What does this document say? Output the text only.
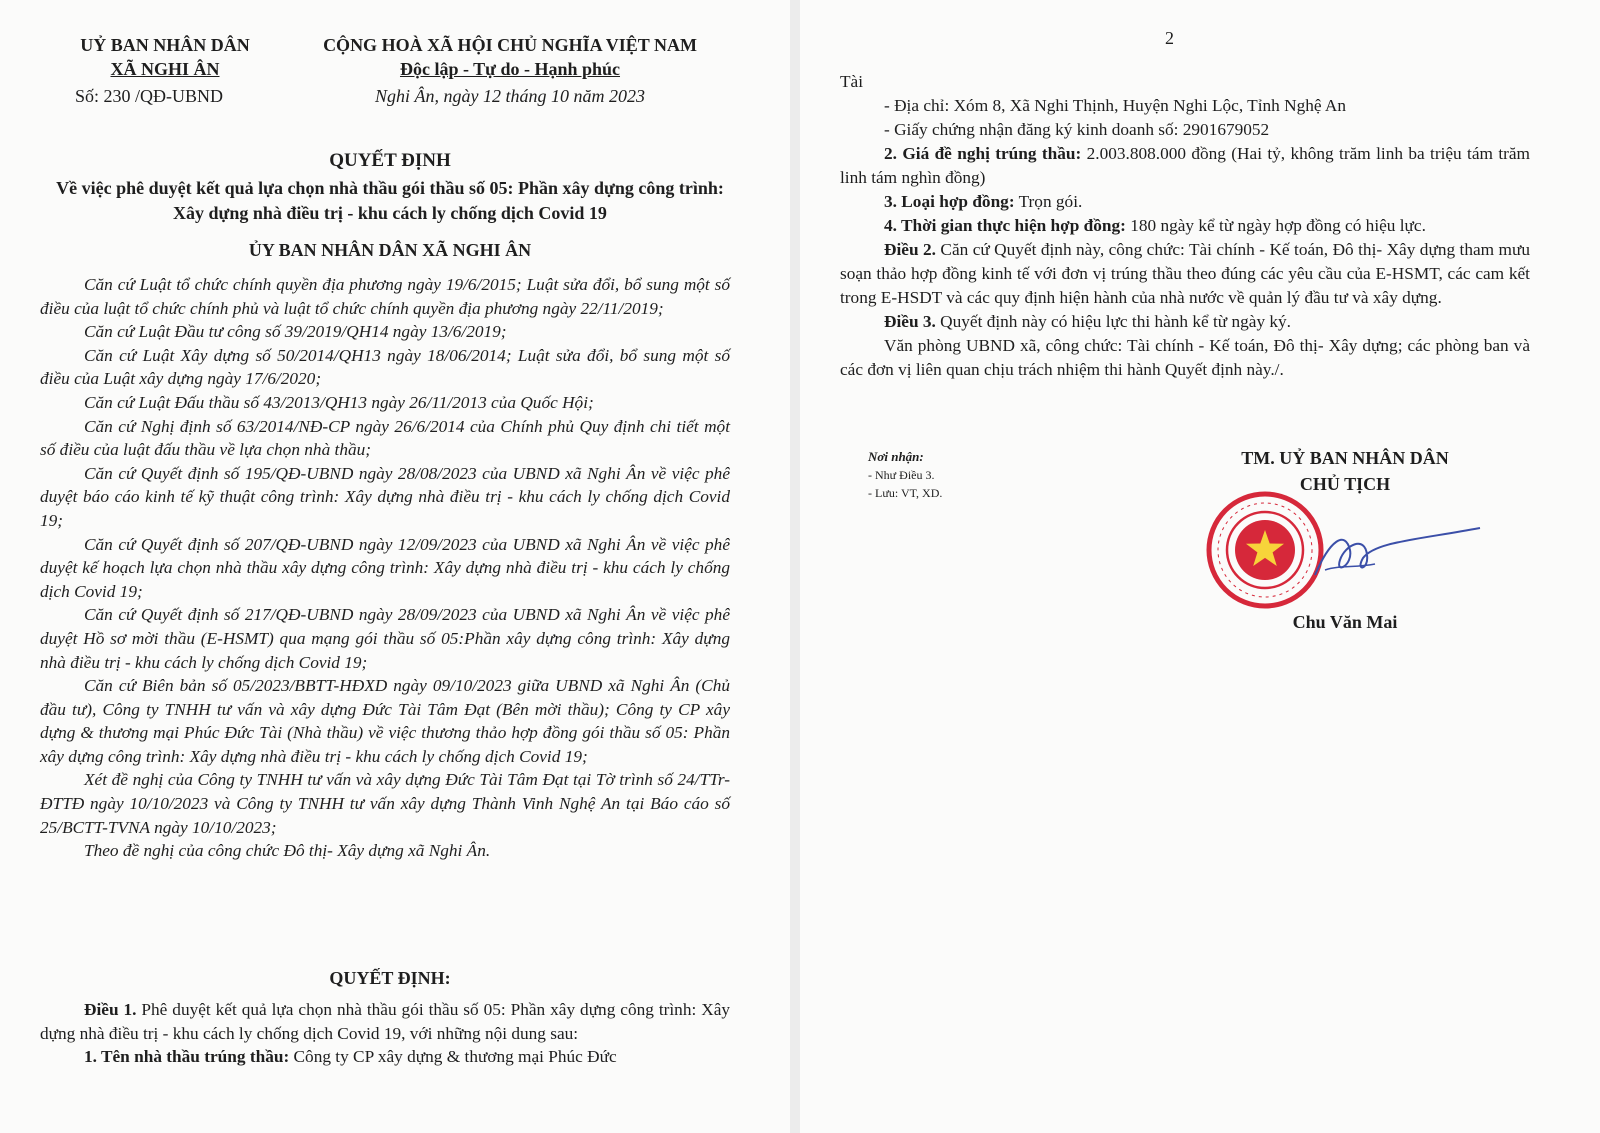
UỶ BAN NHÂN DÂN
XÃ NGHI ÂN
CỘNG HOÀ XÃ HỘI CHỦ NGHĨA VIỆT NAM
Độc lập - Tự do - Hạnh phúc
Số: 230 /QĐ-UBND	Nghi Ân, ngày 12 tháng 10 năm 2023
QUYẾT ĐỊNH
Về việc phê duyệt kết quả lựa chọn nhà thầu gói thầu số 05: Phần xây dựng công trình: Xây dựng nhà điều trị - khu cách ly chống dịch Covid 19
ỦY BAN NHÂN DÂN XÃ NGHI ÂN

Căn cứ Luật tổ chức chính quyền địa phương ngày 19/6/2015; Luật sửa đổi, bổ sung một số điều của luật tổ chức chính phủ và luật tổ chức chính quyền địa phương ngày 22/11/2019;

Căn cứ Luật Đầu tư công số 39/2019/QH14 ngày 13/6/2019;

Căn cứ Luật Xây dựng số 50/2014/QH13 ngày 18/06/2014; Luật sửa đổi, bổ sung một số điều của Luật xây dựng ngày 17/6/2020;

Căn cứ Luật Đấu thầu số 43/2013/QH13 ngày 26/11/2013 của Quốc Hội;

Căn cứ Nghị định số 63/2014/NĐ-CP ngày 26/6/2014 của Chính phủ Quy định chi tiết một số điều của luật đấu thầu về lựa chọn nhà thầu;

Căn cứ Quyết định số 195/QĐ-UBND ngày 28/08/2023 của UBND xã Nghi Ân về việc phê duyệt báo cáo kinh tế kỹ thuật công trình: Xây dựng nhà điều trị - khu cách ly chống dịch Covid 19;

Căn cứ Quyết định số 207/QĐ-UBND ngày 12/09/2023 của UBND xã Nghi Ân về việc phê duyệt kế hoạch lựa chọn nhà thầu xây dựng công trình: Xây dựng nhà điều trị - khu cách ly chống dịch Covid 19;

Căn cứ Quyết định số 217/QĐ-UBND ngày 28/09/2023 của UBND xã Nghi Ân về việc phê duyệt Hồ sơ mời thầu (E-HSMT) qua mạng gói thầu số 05:Phần xây dựng công trình: Xây dựng nhà điều trị - khu cách ly chống dịch Covid 19;

Căn cứ Biên bản số 05/2023/BBTT-HĐXD ngày 09/10/2023 giữa UBND xã Nghi Ân (Chủ đầu tư), Công ty TNHH tư vấn và xây dựng Đức Tài Tâm Đạt (Bên mời thầu); Công ty CP xây dựng & thương mại Phúc Đức Tài (Nhà thầu) về việc thương thảo hợp đồng gói thầu số 05: Phần xây dựng công trình: Xây dựng nhà điều trị - khu cách ly chống dịch Covid 19;

Xét đề nghị của Công ty TNHH tư vấn và xây dựng Đức Tài Tâm Đạt tại Tờ trình số 24/TTr-ĐTTĐ ngày 10/10/2023 và Công ty TNHH tư vấn xây dựng Thành Vinh Nghệ An tại Báo cáo số 25/BCTT-TVNA ngày 10/10/2023;

Theo đề nghị của công chức Đô thị- Xây dựng xã Nghi Ân.

QUYẾT ĐỊNH:

Điều 1. Phê duyệt kết quả lựa chọn nhà thầu gói thầu số 05: Phần xây dựng công trình: Xây dựng nhà điều trị - khu cách ly chống dịch Covid 19, với những nội dung sau:

1. Tên nhà thầu trúng thầu: Công ty CP xây dựng & thương mại Phúc Đức

2

Tài

- Địa chỉ: Xóm 8, Xã Nghi Thịnh, Huyện Nghi Lộc, Tỉnh Nghệ An

- Giấy chứng nhận đăng ký kinh doanh số: 2901679052

2. Giá đề nghị trúng thầu: 2.003.808.000 đồng (Hai tỷ, không trăm linh ba triệu tám trăm linh tám nghìn đồng)

3. Loại hợp đồng: Trọn gói.

4. Thời gian thực hiện hợp đồng: 180 ngày kể từ ngày hợp đồng có hiệu lực.

Điều 2. Căn cứ Quyết định này, công chức: Tài chính - Kế toán, Đô thị- Xây dựng tham mưu soạn thảo hợp đồng kinh tế với đơn vị trúng thầu theo đúng các yêu cầu của E-HSMT, các cam kết trong E-HSDT và các quy định hiện hành của nhà nước về quản lý đầu tư và xây dựng.

Điều 3. Quyết định này có hiệu lực thi hành kể từ ngày ký.

Văn phòng UBND xã, công chức: Tài chính - Kế toán, Đô thị- Xây dựng; các phòng ban và các đơn vị liên quan chịu trách nhiệm thi hành Quyết định này./.

Nơi nhận:
- Như Điều 3.
- Lưu: VT, XD.
TM. UỶ BAN NHÂN DÂN
CHỦ TỊCH
Chu Văn Mai
